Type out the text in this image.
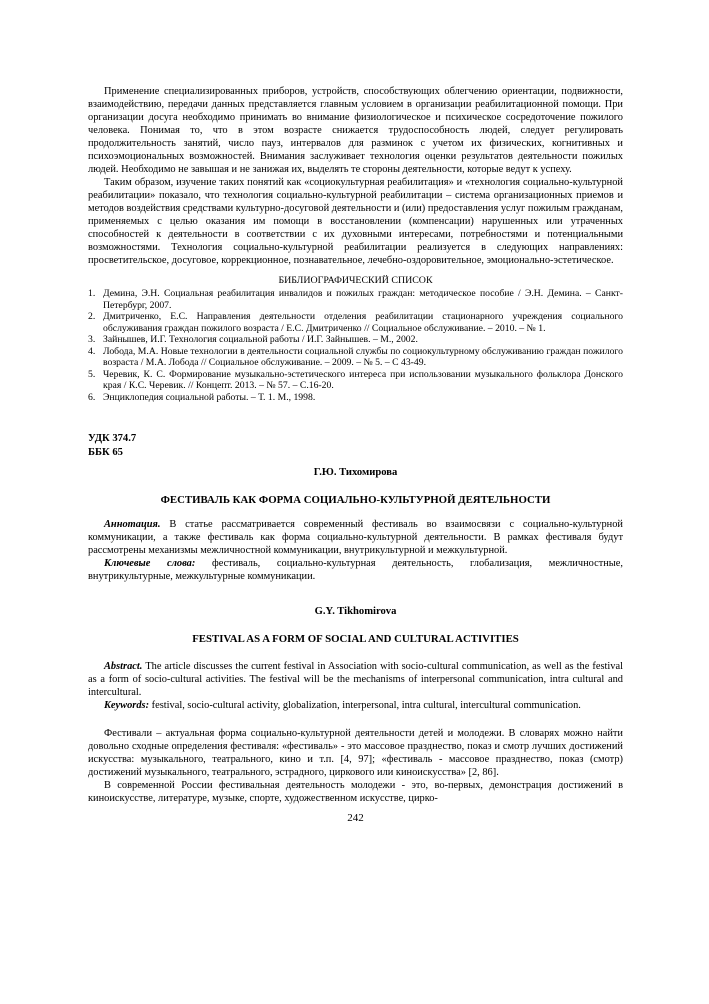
Применение специализированных приборов, устройств, способствующих облегчению ориентации, подвижности, взаимодействию, передачи данных представляется главным условием в организации реабилитационной помощи. При организации досуга необходимо принимать во внимание физиологическое и психическое сосредоточение пожилого человека. Понимая то, что в этом возрасте снижается трудоспособность людей, следует регулировать продолжительность занятий, число пауз, интервалов для разминок с учетом их физических, когнитивных и психоэмоциональных возможностей. Внимания заслуживает технология оценки результатов деятельности пожилых людей. Необходимо не завышая и не занижая их, выделять те стороны деятельности, которые ведут к успеху.

Таким образом, изучение таких понятий как «социокультурная реабилитация» и «технология социально-культурной реабилитации» показало, что технология социально-культурной реабилитации – система организационных приемов и методов воздействия средствами культурно-досуговой деятельности и (или) предоставления услуг пожилым гражданам, применяемых с целью оказания им помощи в восстановлении (компенсации) нарушенных или утраченных способностей к деятельности в соответствии с их духовными интересами, потребностями и потенциальными возможностями. Технология социально-культурной реабилитации реализуется в следующих направлениях: просветительское, досуговое, коррекционное, познавательное, лечебно-оздоровительное, эмоционально-эстетическое.

БИБЛИОГРАФИЧЕСКИЙ СПИСОК
Демина, Э.Н. Социальная реабилитация инвалидов и пожилых граждан: методическое пособие / Э.Н. Демина. – Санкт- Петербург, 2007.
Дмитриченко, Е.С. Направления деятельности отделения реабилитации стационарного учреждения социального обслуживания граждан пожилого возраста / Е.С. Дмитриченко // Социальное обслуживание. – 2010. – № 1.
Зайнышев, И.Г. Технология социальной работы / И.Г. Зайнышев. – М., 2002.
Лобода, М.А. Новые технологии в деятельности социальной службы по социокультурному обслуживанию граждан пожилого возраста / М.А. Лобода // Социальное обслуживание. – 2009. – № 5. – С 43-49.
Черевик, К. С. Формирование музыкально-эстетического интереса при использовании музыкального фольклора Донского края / К.С. Черевик. // Концепт. 2013. – № 57. – С.16-20.
Энциклопедия социальной работы. – Т. 1. М., 1998.
УДК 374.7
ББК 65
Г.Ю. Тихомирова
ФЕСТИВАЛЬ КАК ФОРМА СОЦИАЛЬНО-КУЛЬТУРНОЙ ДЕЯТЕЛЬНОСТИ

Аннотация. В статье рассматривается современный фестиваль во взаимосвязи с социально-культурной коммуникации, а также фестиваль как форма социально-культурной деятельности. В рамках фестиваля будут рассмотрены механизмы межличностной коммуникации, внутрикультурной и межкультурной.

Ключевые слова: фестиваль, социально-культурная деятельность, глобализация, межличностные, внутрикультурные, межкультурные коммуникации.

G.Y. Tikhomirova
FESTIVAL AS A FORM OF SOCIAL AND CULTURAL ACTIVITIES

Abstract. The article discusses the current festival in Association with socio-cultural communication, as well as the festival as a form of socio-cultural activities. The festival will be the mechanisms of interpersonal communication, intra cultural and intercultural.

Keywords: festival, socio-cultural activity, globalization, interpersonal, intra cultural, intercultural communication.

Фестивали – актуальная форма социально-культурной деятельности детей и молодежи. В словарях можно найти довольно сходные определения фестиваля: «фестиваль» - это массовое празднество, показ и смотр лучших достижений искусства: музыкального, театрального, кино и т.п. [4, 97]; «фестиваль - массовое празднество, показ (смотр) достижений музыкального, театрального, эстрадного, циркового или киноискусства» [2, 86].

В современной России фестивальная деятельность молодежи - это, во-первых, демонстрация достижений в киноискусстве, литературе, музыке, спорте, художественном искусстве, цирко-

242
